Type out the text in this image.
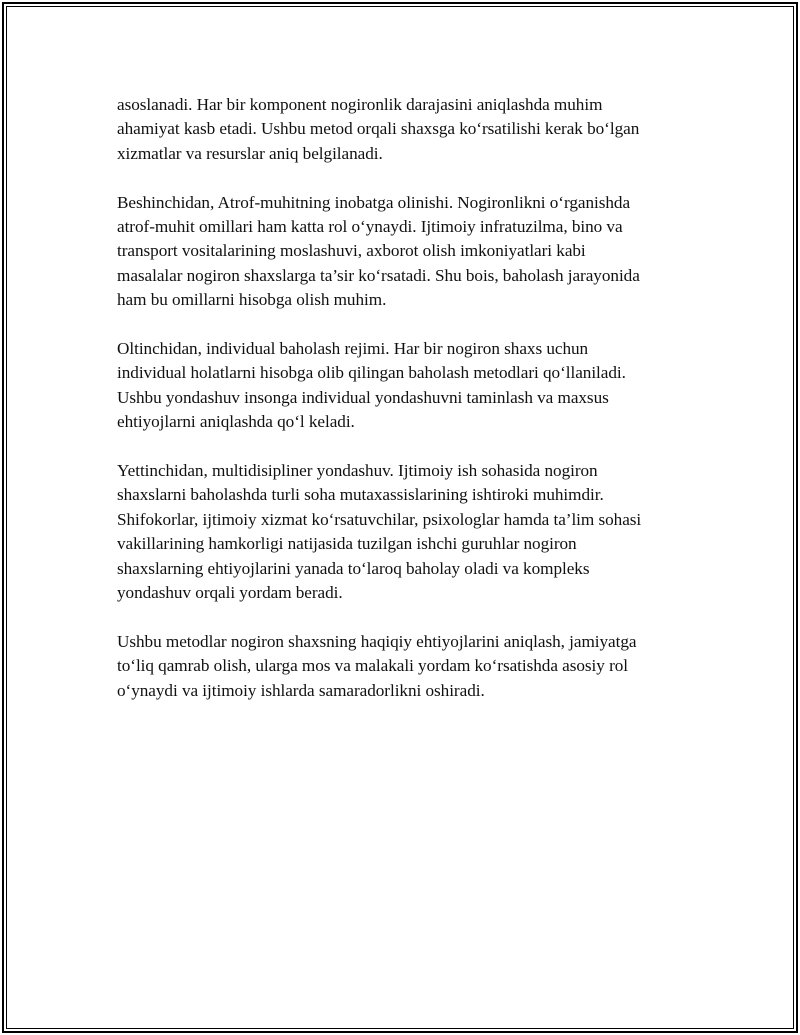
asoslanadi. Har bir komponent nogironlik darajasini aniqlashda muhim
ahamiyat kasb etadi. Ushbu metod orqali shaxsga koʻrsatilishi kerak boʻlgan
xizmatlar va resurslar aniq belgilanadi.

Beshinchidan, Atrof-muhitning inobatga olinishi. Nogironlikni oʻrganishda
atrof-muhit omillari ham katta rol oʻynaydi. Ijtimoiy infratuzilma, bino va
transport vositalarining moslashuvi, axborot olish imkoniyatlari kabi
masalalar nogiron shaxslarga ta’sir koʻrsatadi. Shu bois, baholash jarayonida
ham bu omillarni hisobga olish muhim.

Oltinchidan, individual baholash rejimi. Har bir nogiron shaxs uchun
individual holatlarni hisobga olib qilingan baholash metodlari qoʻllaniladi.
Ushbu yondashuv insonga individual yondashuvni taminlash va maxsus
ehtiyojlarni aniqlashda qoʻl keladi.

Yettinchidan, multidisipliner yondashuv. Ijtimoiy ish sohasida nogiron
shaxslarni baholashda turli soha mutaxassislarining ishtiroki muhimdir.
Shifokorlar, ijtimoiy xizmat koʻrsatuvchilar, psixologlar hamda ta’lim sohasi
vakillarining hamkorligi natijasida tuzilgan ishchi guruhlar nogiron
shaxslarning ehtiyojlarini yanada toʻlaroq baholay oladi va kompleks
yondashuv orqali yordam beradi.

Ushbu metodlar nogiron shaxsning haqiqiy ehtiyojlarini aniqlash, jamiyatga
toʻliq qamrab olish, ularga mos va malakali yordam koʻrsatishda asosiy rol
oʻynaydi va ijtimoiy ishlarda samaradorlikni oshiradi.
